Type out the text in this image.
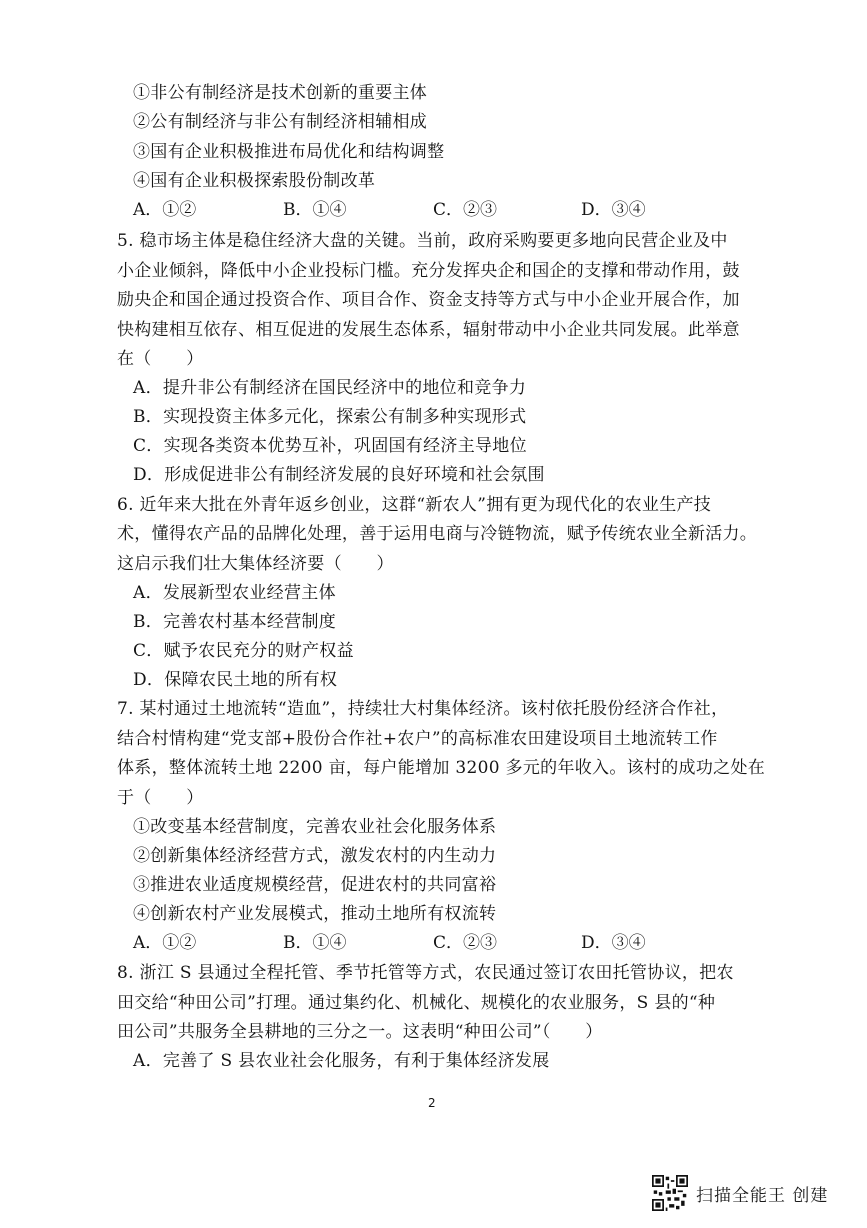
①非公有制经济是技术创新的重要主体
②公有制经济与非公有制经济相辅相成
③国有企业积极推进布局优化和结构调整
④国有企业积极探索股份制改革
A．①②	B．①④	C．②③	D．③④
5. 稳市场主体是稳住经济大盘的关键。当前，政府采购要更多地向民营企业及中
小企业倾斜，降低中小企业投标门槛。充分发挥央企和国企的支撑和带动作用，鼓
励央企和国企通过投资合作、项目合作、资金支持等方式与中小企业开展合作，加
快构建相互依存、相互促进的发展生态体系，辐射带动中小企业共同发展。此举意
在（　　）
A．提升非公有制经济在国民经济中的地位和竞争力
B．实现投资主体多元化，探索公有制多种实现形式
C．实现各类资本优势互补，巩固国有经济主导地位
D．形成促进非公有制经济发展的良好环境和社会氛围
6. 近年来大批在外青年返乡创业，这群“新农人”拥有更为现代化的农业生产技
术，懂得农产品的品牌化处理，善于运用电商与冷链物流，赋予传统农业全新活力。
这启示我们壮大集体经济要（　　）
A．发展新型农业经营主体
B．完善农村基本经营制度
C．赋予农民充分的财产权益
D．保障农民土地的所有权
7. 某村通过土地流转“造血”，持续壮大村集体经济。该村依托股份经济合作社，
结合村情构建“党支部+股份合作社+农户”的高标准农田建设项目土地流转工作
体系，整体流转土地 2200 亩，每户能增加 3200 多元的年收入。该村的成功之处在
于（　　）
①改变基本经营制度，完善农业社会化服务体系
②创新集体经济经营方式，激发农村的内生动力
③推进农业适度规模经营，促进农村的共同富裕
④创新农村产业发展模式，推动土地所有权流转
A．①②	B．①④	C．②③	D．③④
8. 浙江 S 县通过全程托管、季节托管等方式，农民通过签订农田托管协议，把农
田交给“种田公司”打理。通过集约化、机械化、规模化的农业服务，S 县的“种
田公司”共服务全县耕地的三分之一。这表明“种田公司”（　　）
A．完善了 S 县农业社会化服务，有利于集体经济发展
2
扫描全能王 创建
